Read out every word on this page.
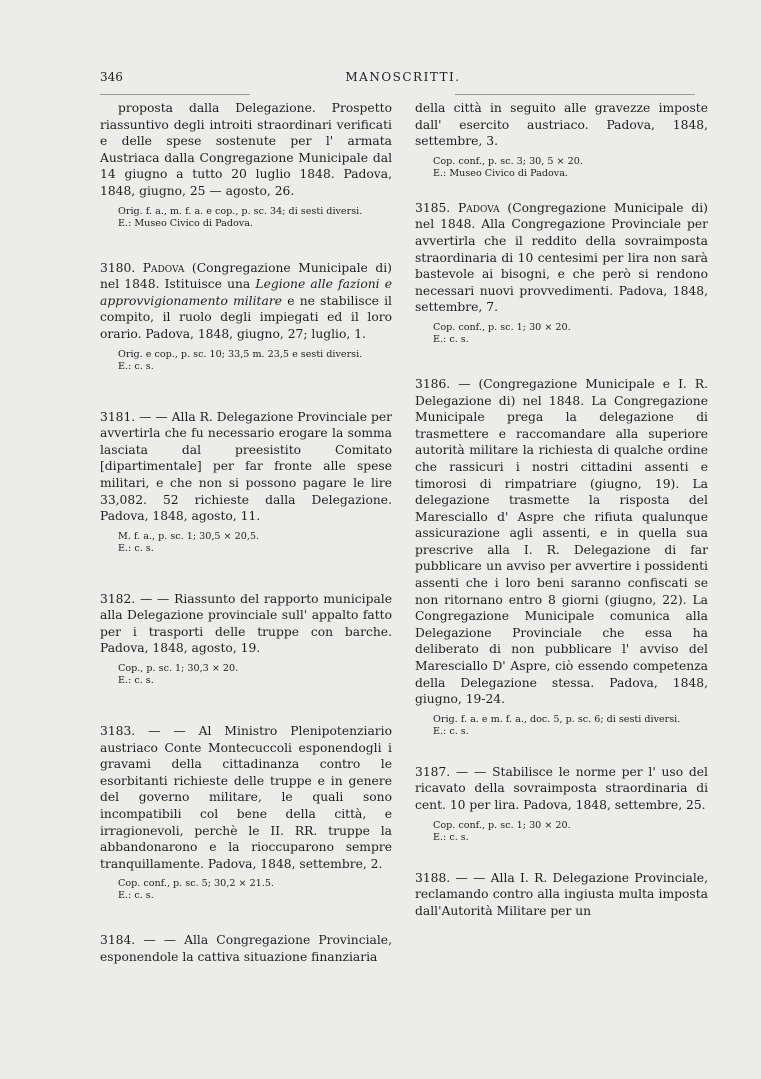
346	MANOSCRITTI.

proposta dalla Delegazione. Prospetto riassuntivo degli introiti straordinari verificati e delle spese sostenute per l' armata Austriaca dalla Congregazione Municipale dal 14 giugno a tutto 20 luglio 1848. Padova, 1848, giugno, 25 — agosto, 26.

Orig. f. a., m. f. a. e cop., p. sc. 34; di sesti diversi.
E.: Museo Civico di Padova.

3180. Padova (Congregazione Municipale di) nel 1848. Istituisce una Legione alle fazioni e approvvigionamento militare e ne stabilisce il compito, il ruolo degli impiegati ed il loro orario. Padova, 1848, giugno, 27; luglio, 1.

Orig. e cop., p. sc. 10; 33,5 m. 23,5 e sesti diversi.
E.: c. s.

3181. — — Alla R. Delegazione Provinciale per avvertirla che fu necessario erogare la somma lasciata dal preesistito Comitato [dipartimentale] per far fronte alle spese militari, e che non si possono pagare le lire 33,082. 52 richieste dalla Delegazione. Padova, 1848, agosto, 11.

M. f. a., p. sc. 1; 30,5 × 20,5.
E.: c. s.

3182. — — Riassunto del rapporto municipale alla Delegazione provinciale sull' appalto fatto per i trasporti delle truppe con barche. Padova, 1848, agosto, 19.

Cop., p. sc. 1; 30,3 × 20.
E.: c. s.

3183. — — Al Ministro Plenipotenziario austriaco Conte Montecuccoli esponendogli i gravami della cittadinanza contro le esorbitanti richieste delle truppe e in genere del governo militare, le quali sono incompatibili col bene della città, e irragionevoli, perchè le II. RR. truppe la abbandonarono e la rioccuparono sempre tranquillamente. Padova, 1848, settembre, 2.

Cop. conf., p. sc. 5; 30,2 × 21.5.
E.: c. s.

3184. — — Alla Congregazione Provinciale, esponendole la cattiva situazione finanziaria

della città in seguito alle gravezze imposte dall' esercito austriaco. Padova, 1848, settembre, 3.

Cop. conf., p. sc. 3; 30, 5 × 20.
E.: Museo Civico di Padova.

3185. Padova (Congregazione Municipale di) nel 1848. Alla Congregazione Provinciale per avvertirla che il reddito della sovraimposta straordinaria di 10 centesimi per lira non sarà bastevole ai bisogni, e che però si rendono necessari nuovi provvedimenti. Padova, 1848, settembre, 7.

Cop. conf., p. sc. 1; 30 × 20.
E.: c. s.

3186. — (Congregazione Municipale e I. R. Delegazione di) nel 1848. La Congregazione Municipale prega la delegazione di trasmettere e raccomandare alla superiore autorità militare la richiesta di qualche ordine che rassicuri i nostri cittadini assenti e timorosi di rimpatriare (giugno, 19). La delegazione trasmette la risposta del Maresciallo d' Aspre che rifiuta qualunque assicurazione agli assenti, e in quella sua prescrive alla I. R. Delegazione di far pubblicare un avviso per avvertire i possidenti assenti che i loro beni saranno confiscati se non ritornano entro 8 giorni (giugno, 22). La Congregazione Municipale comunica alla Delegazione Provinciale che essa ha deliberato di non pubblicare l' avviso del Maresciallo D' Aspre, ciò essendo competenza della Delegazione stessa. Padova, 1848, giugno, 19-24.

Orig. f. a. e m. f. a., doc. 5, p. sc. 6; di sesti diversi.
E.: c. s.

3187. — — Stabilisce le norme per l' uso del ricavato della sovraimposta straordinaria di cent. 10 per lira. Padova, 1848, settembre, 25.

Cop. conf., p. sc. 1; 30 × 20.
E.: c. s.

3188. — — Alla I. R. Delegazione Provinciale, reclamando contro alla ingiusta multa imposta dall'Autorità Militare per un
